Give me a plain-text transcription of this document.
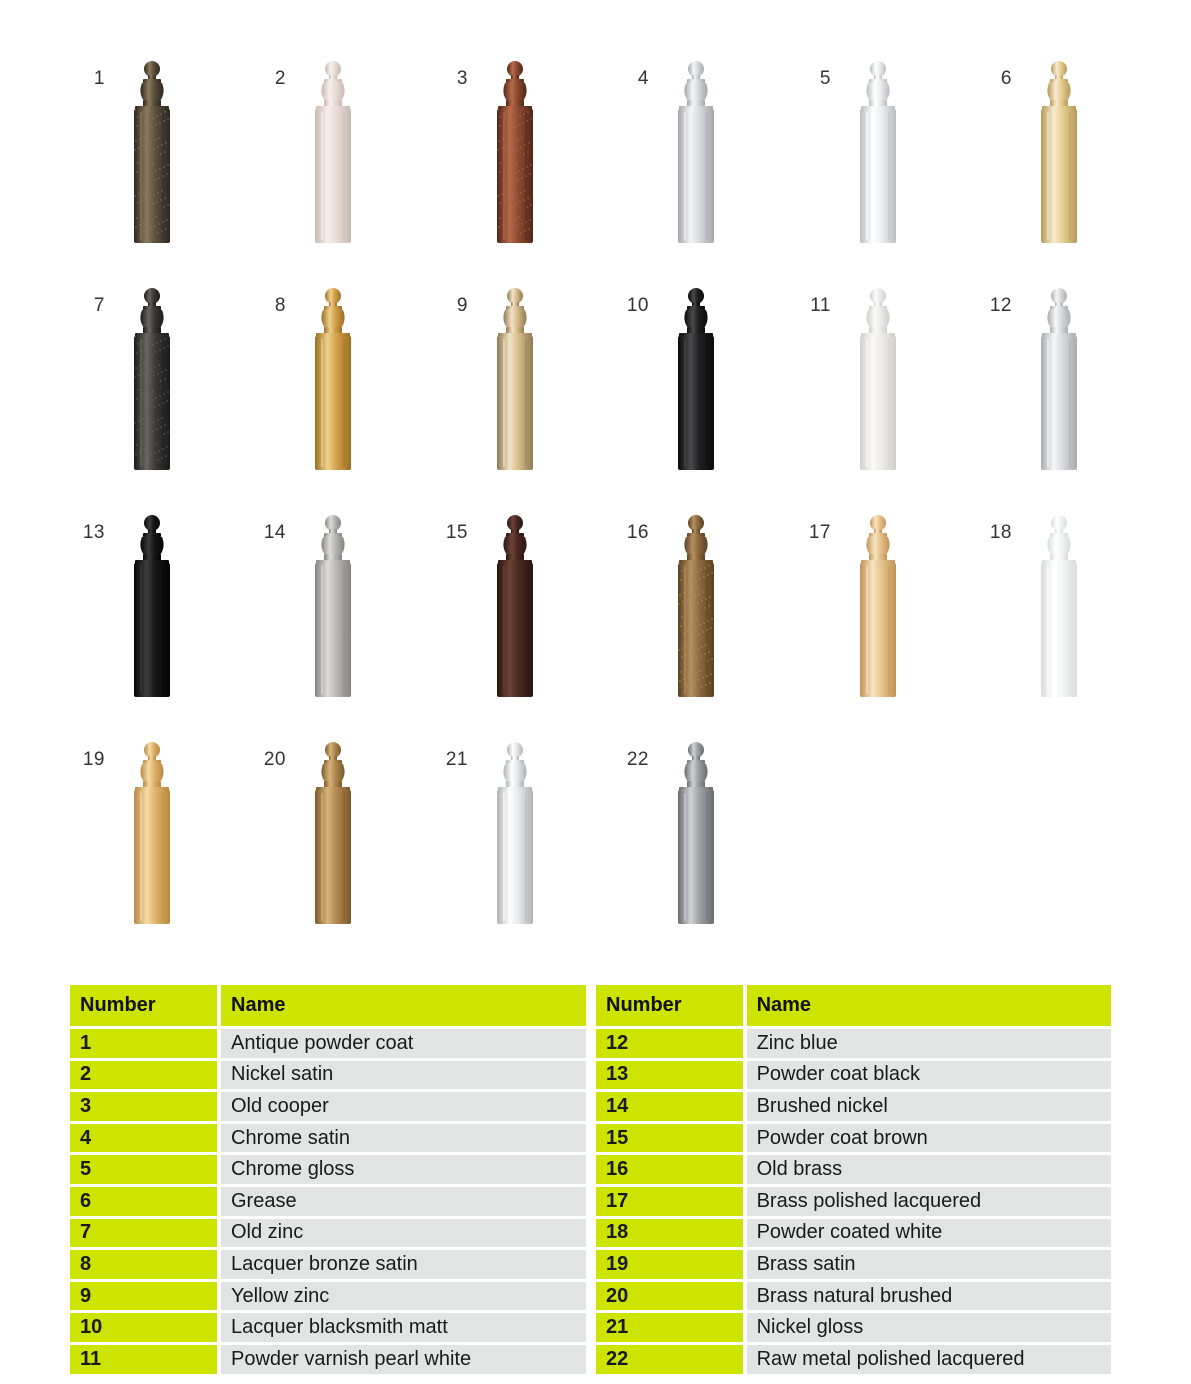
1	2	3	4	5	6
7	8	9	10	11	12
13	14	15	16	17	18
19	20	21	22
Number	Name
1	Antique powder coat
2	Nickel satin
3	Old cooper
4	Chrome satin
5	Chrome gloss
6	Grease
7	Old zinc
8	Lacquer bronze satin
9	Yellow zinc
10	Lacquer blacksmith matt
11	Powder varnish pearl white
Number	Name
12	Zinc blue
13	Powder coat black
14	Brushed nickel
15	Powder coat brown
16	Old brass
17	Brass polished lacquered
18	Powder coated white
19	Brass satin
20	Brass natural brushed
21	Nickel gloss
22	Raw metal polished lacquered
